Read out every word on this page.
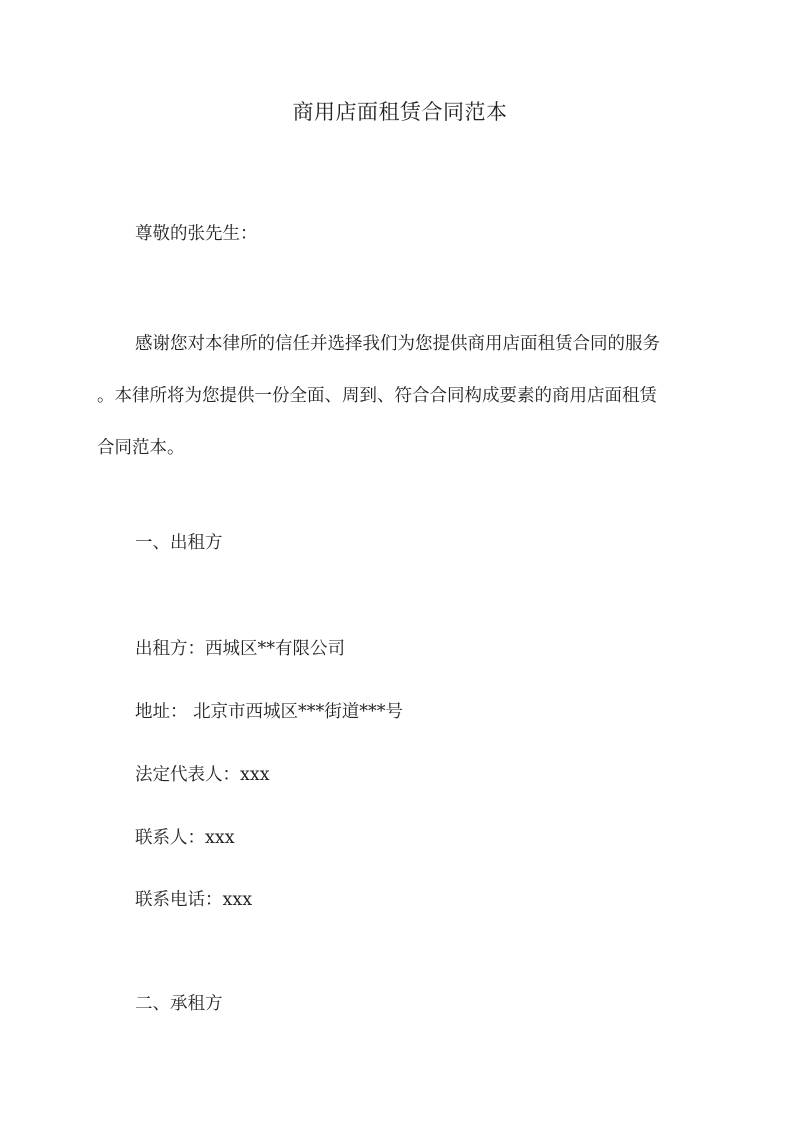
商用店面租赁合同范本

尊敬的张先生：

感谢您对本律所的信任并选择我们为您提供商用店面租赁合同的服务
。本律所将为您提供一份全面、周到、符合合同构成要素的商用店面租赁
合同范本。

一、出租方

出租方：西城区**有限公司

地址： 北京市西城区***街道***号

法定代表人：xxx

联系人：xxx

联系电话：xxx

二、承租方
